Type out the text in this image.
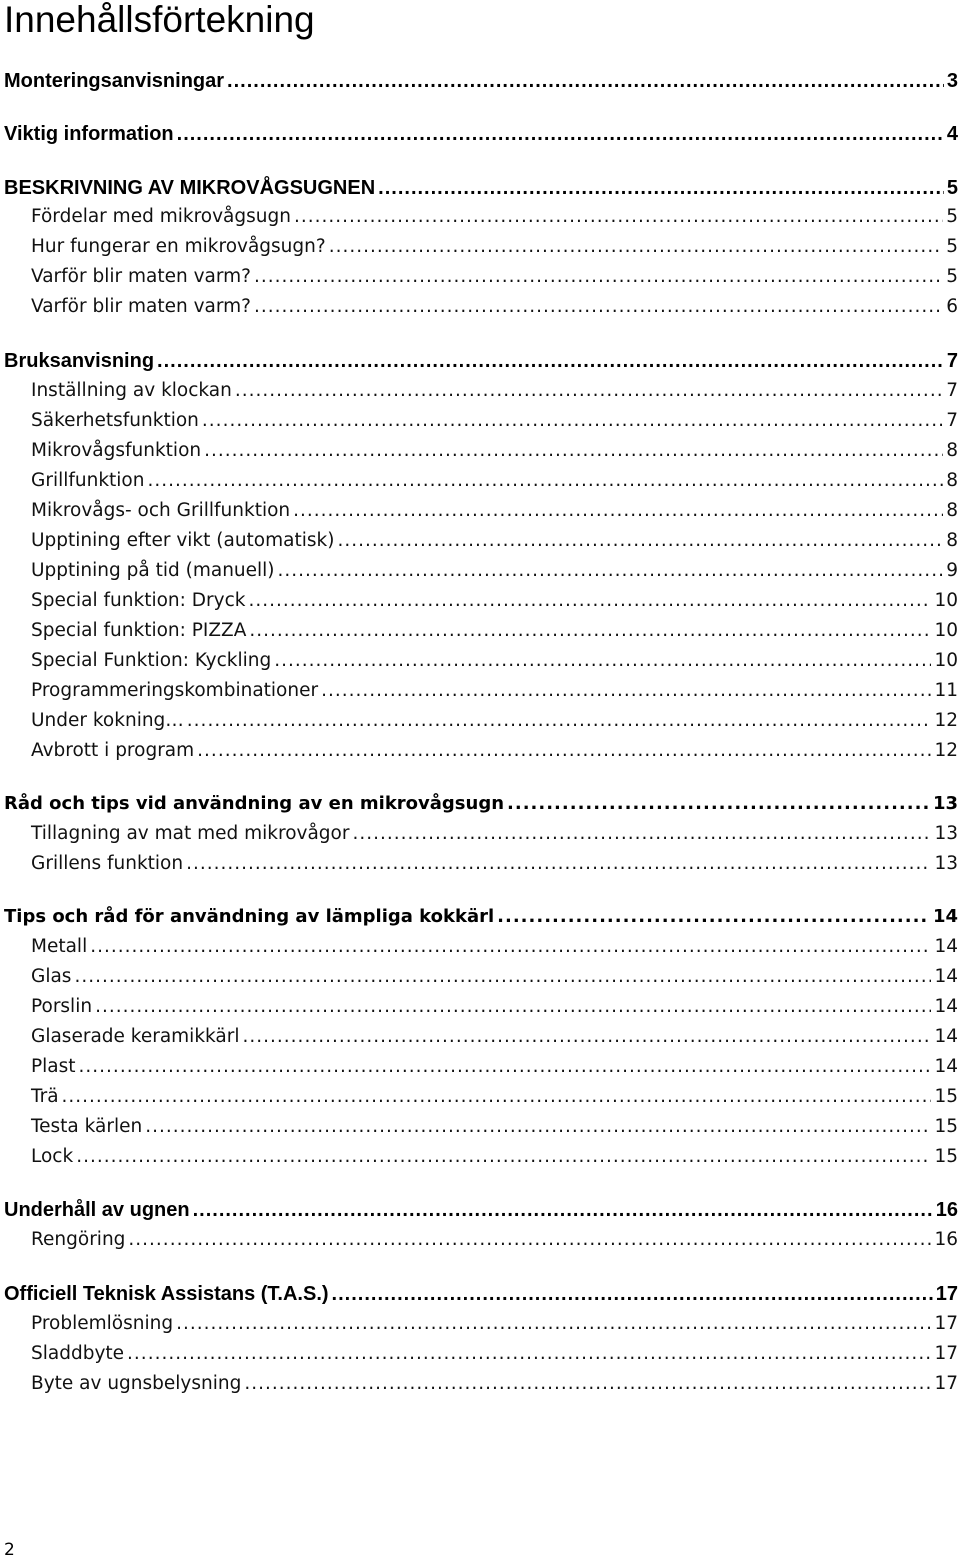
Innehållsförtekning
Monteringsanvisningar .....	3
Viktig information .....	4
BESKRIVNING AV MIKROVÅGSUGNEN .....	5
Fördelar med mikrovågsugn .....	5
Hur fungerar en mikrovågsugn? .....	5
Varför blir maten varm? .....	5
Varför blir maten varm? .....	6
Bruksanvisning .....	7
Inställning av klockan .....	7
Säkerhetsfunktion .....	7
Mikrovågsfunktion .....	8
Grillfunktion .....	8
Mikrovågs- och Grillfunktion .....	8
Upptining efter vikt (automatisk) .....	8
Upptining på tid (manuell) .....	9
Special funktion: Dryck .....	10
Special funktion: PIZZA .....	10
Special Funktion: Kyckling .....	10
Programmeringskombinationer .....	11
Under kokning… .....	12
Avbrott i program .....	12
Råd och tips vid användning av en mikrovågsugn .....	13
Tillagning av mat med mikrovågor .....	13
Grillens funktion .....	13
Tips och råd för användning av lämpliga kokkärl .....	14
Metall .....	14
Glas .....	14
Porslin .....	14
Glaserade keramikkärl .....	14
Plast .....	14
Trä .....	15
Testa kärlen .....	15
Lock .....	15
Underhåll av ugnen .....	16
Rengöring .....	16
Officiell Teknisk Assistans (T.A.S.) .....	17
Problemlösning .....	17
Sladdbyte .....	17
Byte av ugnsbelysning .....	17
2
